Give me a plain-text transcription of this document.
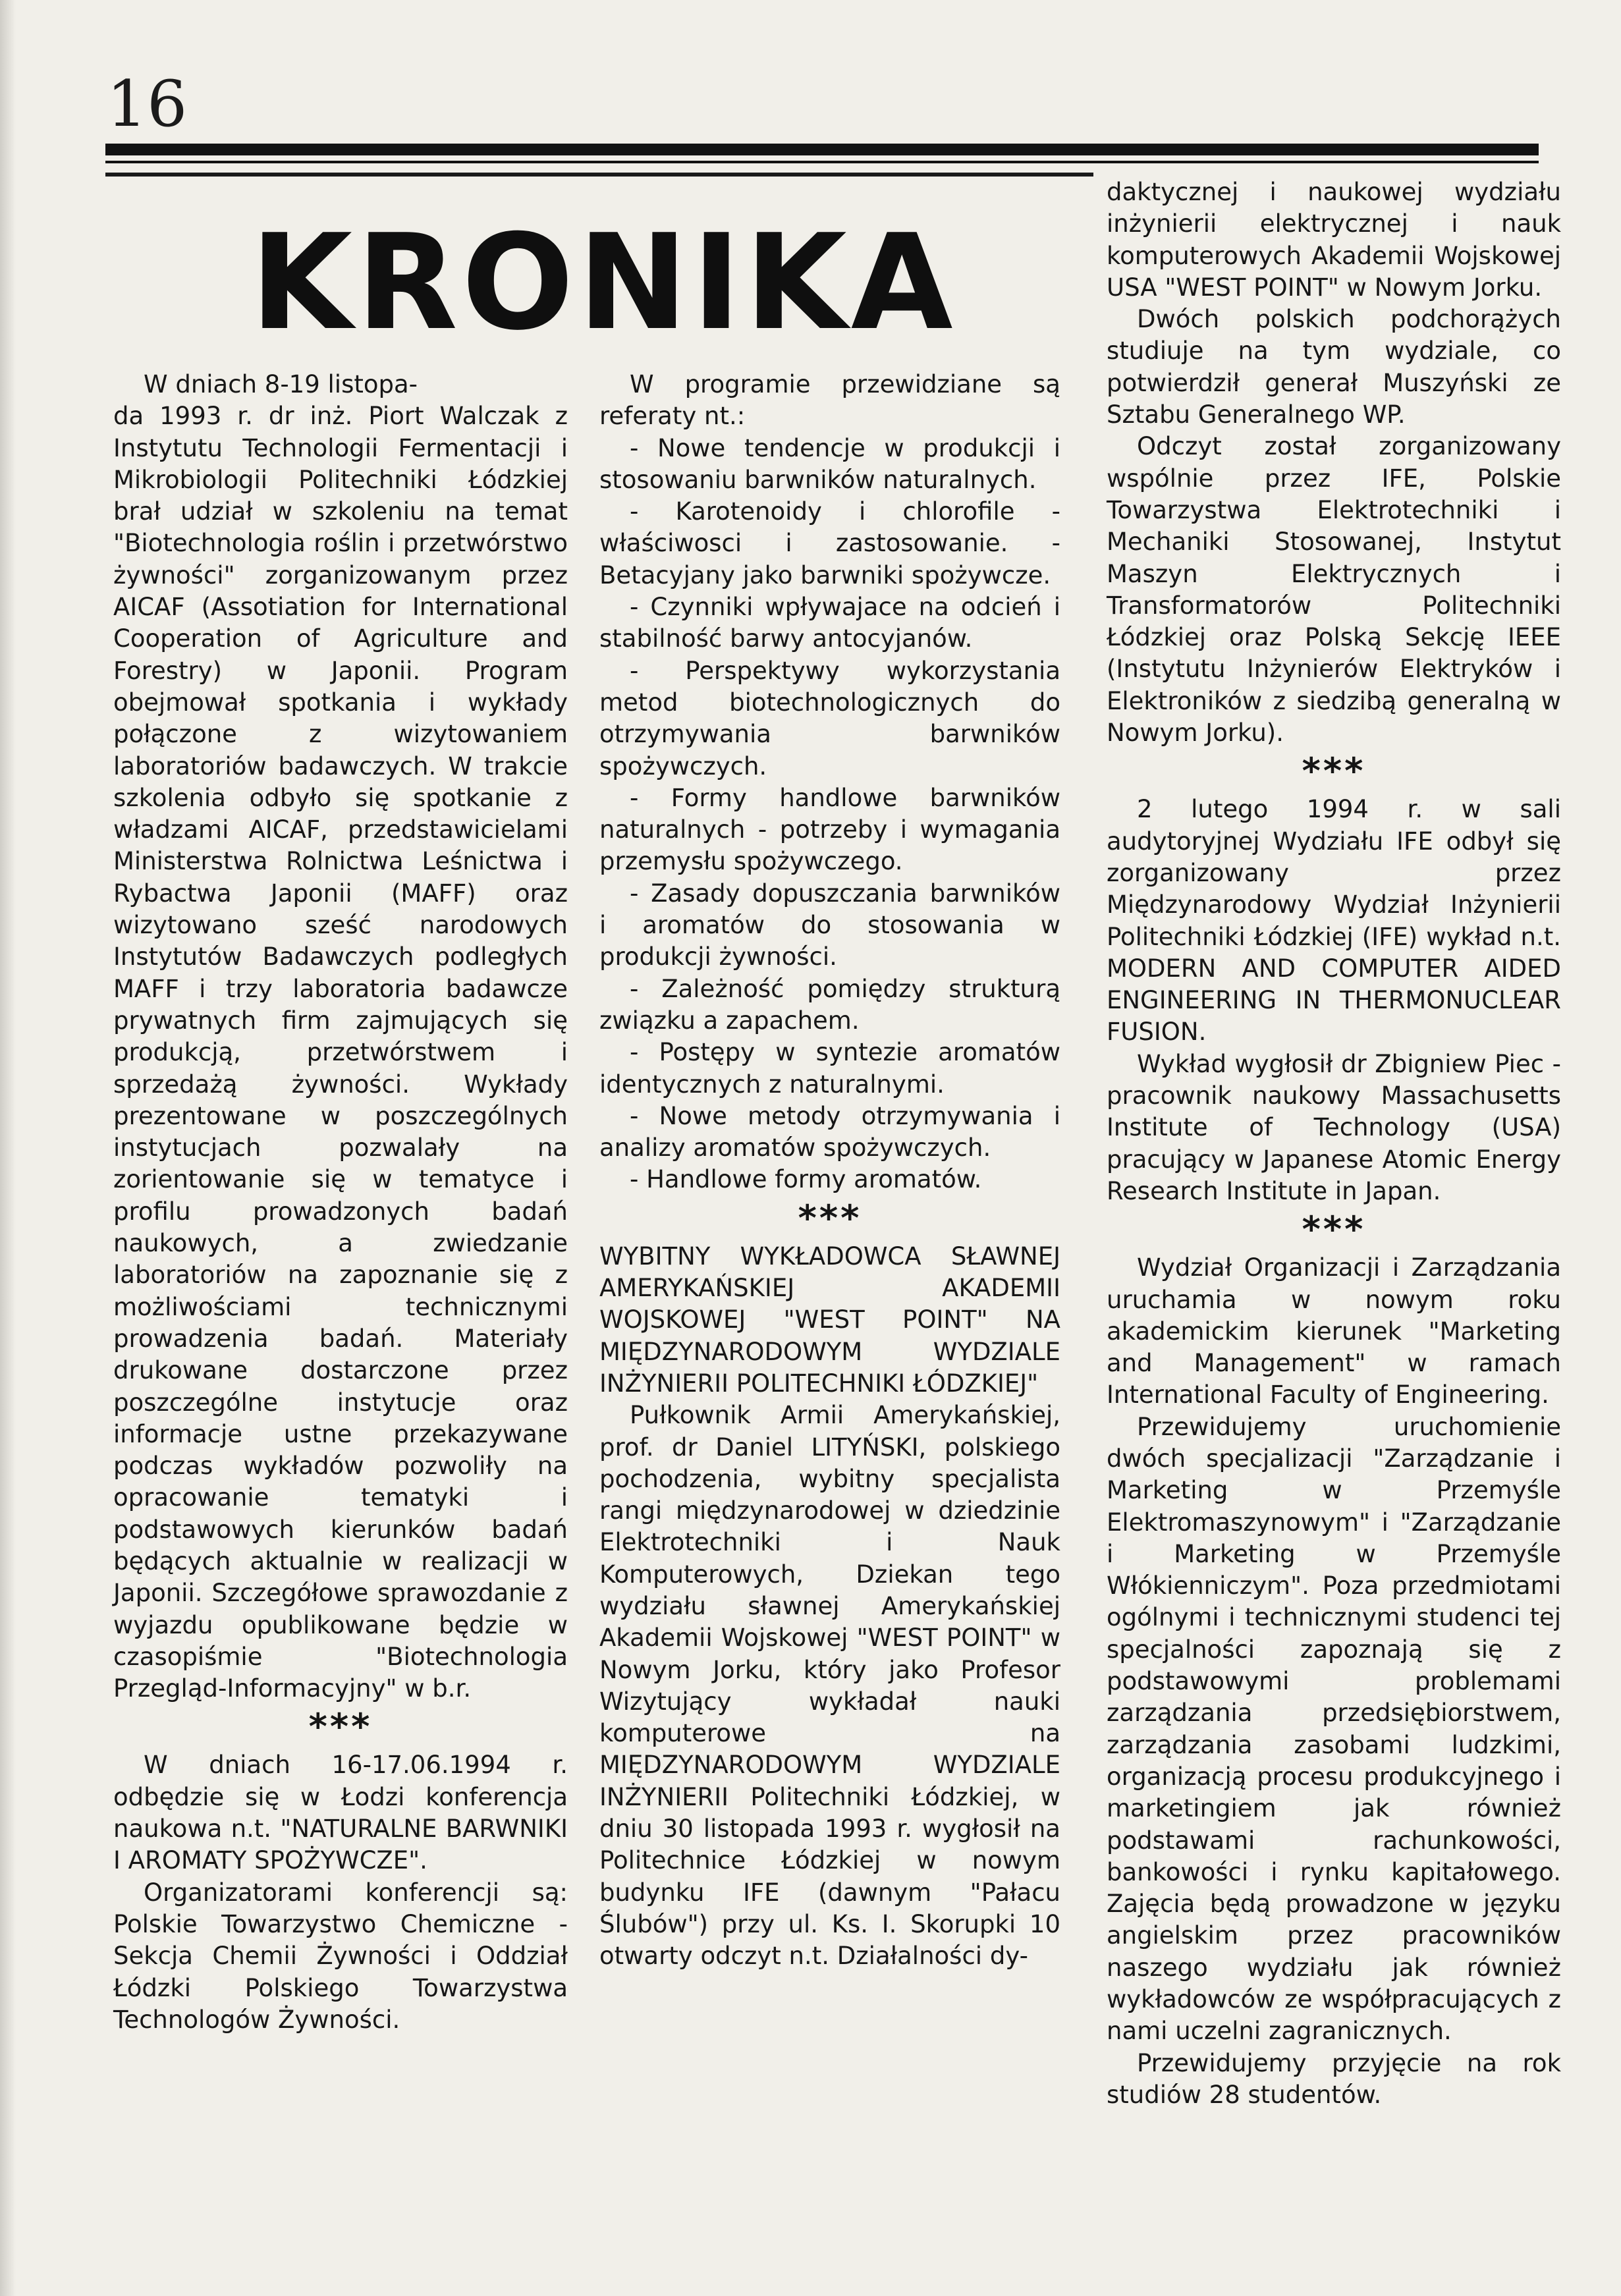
16
KRONIKA

W dniach 8-19 listopa-
da 1993 r. dr inż. Piort Walczak z Instytutu Technologii Fermentacji i Mikrobiologii Politechniki Łódzkiej brał udział w szkoleniu na temat "Biotechnologia roślin i przetwórstwo żywności" zorganizowanym przez AICAF (Assotiation for International Cooperation of Agriculture and Forestry) w Japonii. Program obejmował spotkania i wykłady połączone z wizytowaniem laboratoriów badawczych. W trakcie szkolenia odbyło się spotkanie z władzami AICAF, przedstawicielami Ministerstwa Rolnictwa Leśnictwa i Rybactwa Japonii (MAFF) oraz wizytowano sześć narodowych Instytutów Badawczych podległych MAFF i trzy laboratoria badawcze prywatnych firm zajmujących się produkcją, przetwórstwem i sprzedażą żywności. Wykłady prezentowane w poszczególnych instytucjach pozwalały na zorientowanie się w tematyce i profilu prowadzonych badań naukowych, a zwiedzanie laboratoriów na zapoznanie się z możliwościami technicznymi prowadzenia badań. Materiały drukowane dostarczone przez poszczególne instytucje oraz informacje ustne przekazywane podczas wykładów pozwoliły na opracowanie tematyki i podstawowych kierunków badań będących aktualnie w realizacji w Japonii. Szczegółowe sprawozdanie z wyjazdu opublikowane będzie w czasopiśmie "Biotechnologia Przegląd-Informacyjny" w b.r.

***

W dniach 16-17.06.1994 r. odbędzie się w Łodzi konferencja naukowa n.t. "NATURALNE BARWNIKI I AROMATY SPOŻYWCZE".

Organizatorami konferencji są: Polskie Towarzystwo Chemiczne - Sekcja Chemii Żywności i Oddział Łódzki Polskiego Towarzystwa Technologów Żywności.

W programie przewidziane są referaty nt.:

- Nowe tendencje w produkcji i stosowaniu barwników naturalnych.

- Karotenoidy i chlorofile - właściwosci i zastosowanie. - Betacyjany jako barwniki spożywcze.

- Czynniki wpływajace na odcień i stabilność barwy antocyjanów.

- Perspektywy wykorzystania metod biotechnologicznych do otrzymywania barwników spożywczych.

- Formy handlowe barwników naturalnych - potrzeby i wymagania przemysłu spożywczego.

- Zasady dopuszczania barwników i aromatów do stosowania w produkcji żywności.

- Zależność pomiędzy strukturą związku a zapachem.

- Postępy w syntezie aromatów identycznych z naturalnymi.

- Nowe metody otrzymywania i analizy aromatów spożywczych.

- Handlowe formy aromatów.

***

WYBITNY WYKŁADOWCA SŁAWNEJ AMERYKAŃSKIEJ AKADEMII WOJSKOWEJ "WEST POINT" NA MIĘDZYNARODOWYM WYDZIALE INŻYNIERII POLITECHNIKI ŁÓDZKIEJ"

Pułkownik Armii Amerykańskiej, prof. dr Daniel LITYŃSKI, polskiego pochodzenia, wybitny specjalista rangi międzynarodowej w dziedzinie Elektrotechniki i Nauk Komputerowych, Dziekan tego wydziału sławnej Amerykańskiej Akademii Wojskowej "WEST POINT" w Nowym Jorku, który jako Profesor Wizytujący wykładał nauki komputerowe na MIĘDZYNARODOWYM WYDZIALE INŻYNIERII Politechniki Łódzkiej, w dniu 30 listopada 1993 r. wygłosił na Politechnice Łódzkiej w nowym budynku IFE (dawnym "Pałacu Ślubów") przy ul. Ks. I. Skorupki 10 otwarty odczyt n.t. Działalności dy-

daktycznej i naukowej wydziału inżynierii elektrycznej i nauk komputerowych Akademii Wojskowej USA "WEST POINT" w Nowym Jorku.

Dwóch polskich podchorążych studiuje na tym wydziale, co potwierdził generał Muszyński ze Sztabu Generalnego WP.

Odczyt został zorganizowany wspólnie przez IFE, Polskie Towarzystwa Elektrotechniki i Mechaniki Stosowanej, Instytut Maszyn Elektrycznych i Transformatorów Politechniki Łódzkiej oraz Polską Sekcję IEEE (Instytutu Inżynierów Elektryków i Elektroników z siedzibą generalną w Nowym Jorku).

***

2 lutego 1994 r. w sali audytoryjnej Wydziału IFE odbył się zorganizowany przez Międzynarodowy Wydział Inżynierii Politechniki Łódzkiej (IFE) wykład n.t. MODERN AND COMPUTER AIDED ENGINEERING IN THERMONUCLEAR FUSION.

Wykład wygłosił dr Zbigniew Piec - pracownik naukowy Massachusetts Institute of Technology (USA) pracujący w Japanese Atomic Energy Research Institute in Japan.

***

Wydział Organizacji i Zarządzania uruchamia w nowym roku akademickim kierunek "Marketing and Management" w ramach International Faculty of Engineering.

Przewidujemy uruchomienie dwóch specjalizacji "Zarządzanie i Marketing w Przemyśle Elektromaszynowym" i "Zarządzanie i Marketing w Przemyśle Włókienniczym". Poza przedmiotami ogólnymi i technicznymi studenci tej specjalności zapoznają się z podstawowymi problemami zarządzania przedsiębiorstwem, zarządzania zasobami ludzkimi, organizacją procesu produkcyjnego i marketingiem jak również podstawami rachunkowości, bankowości i rynku kapitałowego. Zajęcia będą prowadzone w języku angielskim przez pracowników naszego wydziału jak również wykładowców ze współpracujących z nami uczelni zagranicznych.

Przewidujemy przyjęcie na rok studiów 28 studentów.
